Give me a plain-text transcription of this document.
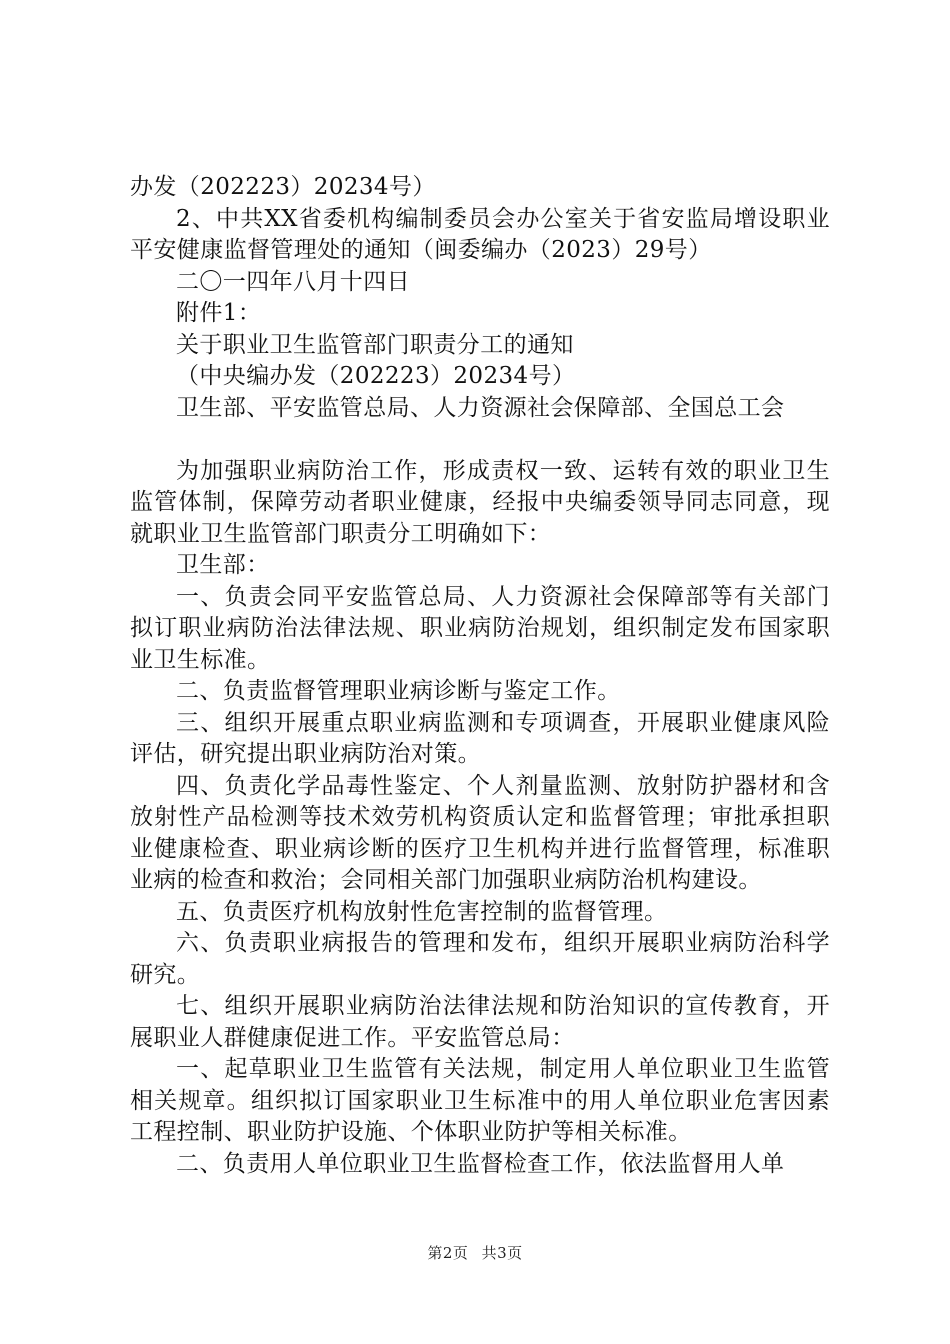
办发（202223）20234号）

2、中共XX省委机构编制委员会办公室关于省安监局增设职业平安健康监督管理处的通知（闽委编办（2023）29号）

二〇一四年八月十四日

附件1：

关于职业卫生监管部门职责分工的通知

（中央编办发（202223）20234号）

卫生部、平安监管总局、人力资源社会保障部、全国总工会

为加强职业病防治工作，形成责权一致、运转有效的职业卫生监管体制，保障劳动者职业健康，经报中央编委领导同志同意，现就职业卫生监管部门职责分工明确如下：

卫生部：

一、负责会同平安监管总局、人力资源社会保障部等有关部门拟订职业病防治法律法规、职业病防治规划，组织制定发布国家职业卫生标准。

二、负责监督管理职业病诊断与鉴定工作。

三、组织开展重点职业病监测和专项调查，开展职业健康风险评估，研究提出职业病防治对策。

四、负责化学品毒性鉴定、个人剂量监测、放射防护器材和含放射性产品检测等技术效劳机构资质认定和监督管理；审批承担职业健康检查、职业病诊断的医疗卫生机构并进行监督管理，标准职业病的检查和救治；会同相关部门加强职业病防治机构建设。

五、负责医疗机构放射性危害控制的监督管理。

六、负责职业病报告的管理和发布，组织开展职业病防治科学研究。

七、组织开展职业病防治法律法规和防治知识的宣传教育，开展职业人群健康促进工作。平安监管总局：

一、起草职业卫生监管有关法规，制定用人单位职业卫生监管相关规章。组织拟订国家职业卫生标准中的用人单位职业危害因素工程控制、职业防护设施、个体职业防护等相关标准。

二、负责用人单位职业卫生监督检查工作，依法监督用人单

第2页 共3页
